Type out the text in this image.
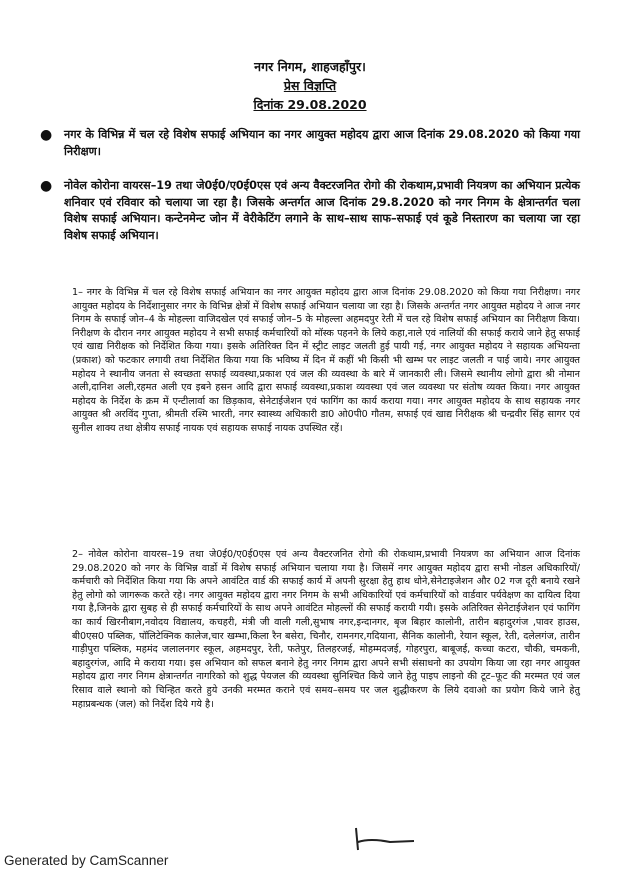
नगर निगम, शाहजहाँपुर।
प्रेस विज्ञप्ति
दिनांक 29.08.2020
● नगर के विभिन्न में चल रहे विशेष सफाई अभियान का नगर आयुक्त महोदय द्वारा आज दिनांक 29.08.2020 को किया गया निरीक्षण।
● नोवेल कोरोना वायरस–19 तथा जे0ई0/ए0ई0एस एवं अन्य वैक्टरजनित रोगो की रोकथाम,प्रभावी नियत्रण का अभियान प्रत्येक शनिवार एवं रविवार को चलाया जा रहा है। जिसके अन्तर्गत आज दिनांक 29.8.2020 को नगर निगम के क्षेत्रान्तर्गत चला विशेष सफाई अभियान। कन्टेनमेन्ट जोन में वेरीकेटिंग लगाने के साथ–साथ साफ–सफाई एवं कूडे निस्तारण का चलाया जा रहा विशेष सफाई अभियान।
1– नगर के विभिन्न में चल रहे विशेष सफाई अभियान का नगर आयुक्त महोदय द्वारा आज दिनांक 29.08.2020 को किया गया निरीक्षण। नगर आयुक्त महोदय के निर्देशानुसार नगर के विभिन्न क्षेत्रों में विशेष सफाई अभियान चलाया जा रहा है। जिसके अन्तर्गत नगर आयुक्त महोदय ने आज नगर निगम के सफाई जोन–4 के मोहल्ला वाजिदखेल एवं सफाई जोन–5 के मोहल्ला अहमदपुर रेती में चल रहे विशेष सफाई अभियान का निरीक्षण किया। निरीक्षण के दौरान नगर आयुक्त महोदय ने सभी सफाई कर्मचारियों को मॉस्क पहनने के लिये कहा,नाले एवं नालियों की सफाई कराये जाने हेतु सफाई एवं खाद्य निरीक्षक को निर्देशित किया गया। इसके अतिरिक्त दिन में स्ट्रीट लाइट जलती हुई पायी गई, नगर आयुक्त महोदय ने सहायक अभियन्ता (प्रकाश) को फटकार लगायी तथा निर्देशित किया गया कि भविष्य में दिन में कहीं भी किसी भी खम्भ पर लाइट जलती न पाई जाये। नगर आयुक्त महोदय ने स्थानीय जनता से स्वच्छता सफाई व्यवस्था,प्रकाश एवं जल की व्यवस्था के बारे में जानकारी ली। जिसमे स्थानीय लोगो द्वारा श्री नोमान अली,दानिश अली,रहमत अली एव इबने हसन आदि द्वारा सफाई व्यवस्था,प्रकाश व्यवस्था एवं जल व्यवस्था पर संतोष व्यक्त किया। नगर आयुक्त महोदय के निर्देश के क्रम में एन्टीलार्वा का छिड़काव, सेनेटाईजेशन एवं फागिंग का कार्य कराया गया। नगर आयुक्त महोदय के साथ सहायक नगर आयुक्त श्री अरविंद गुप्ता, श्रीमती रश्मि भारती, नगर स्वास्थ्य अधिकारी डा0 ओ0पी0 गौतम, सफाई एवं खाद्य निरीक्षक श्री चन्द्रवीर सिंह सागर एवं सुनील शाक्य तथा क्षेत्रीय सफाई नायक एवं सहायक सफाई नायक उपस्थित रहें।
2– नोवेल कोरोना वायरस–19 तथा जे0ई0/ए0ई0एस एवं अन्य वैक्टरजनित रोगो की रोकथाम,प्रभावी नियत्रण का अभियान आज दिनांक 29.08.2020 को नगर के विभिन्न वार्डो में विशेष सफाई अभियान चलाया गया है। जिसमें नगर आयुक्त महोदय द्वारा सभी नोडल अधिकारियों/कर्मचारी को निर्देशित किया गया कि अपने आवंटित वार्ड की सफाई कार्य में अपनी सुरक्षा हेतु हाथ धोने,सेनेटाइजेशन और 02 गज दूरी बनाये रखने हेतु लोगो को जागरूक करते रहे। नगर आयुक्त महोदय द्वारा नगर निगम के सभी अधिकारियों एवं कर्मचारियों को वार्डवार पर्यवेक्षण का दायित्व दिया गया है,जिनके द्वारा सुबह से ही सफाई कर्मचारियों के साथ अपने आवंटित मोहल्लों की सफाई करायी गयी। इसके अतिरिक्त सेनेटाईजेशन एवं फागिंग का कार्य खिरनीबाग,नवोदय विद्यालय, कचहरी, मंत्री जी वाली गली,सुभाष नगर,इन्दानगर, बृज बिहार कालोनी, तारीन बहादुरगंज ,पावर हाउस, बी0एस0 पब्लिक, पॉलिटेक्निक कालेज,चार खम्भा,किला रैन बसेरा, चिनौर, रामनगर,गदियाना, सैनिक कालोनी, रेयान स्कूल, रेती, दलेलगंज, तारीन गाड़ीपुरा पब्लिक, महमंद जलालनगर स्कूल, अहमदपुर, रेती, फतेपुर, तिलहरजई, मोहम्मदजई, गोहरपुरा, बाबूजई, कच्चा कटरा, चौकी, चमकनी, बहादुरगंज, आदि मे कराया गया। इस अभियान को सफल बनाने हेतु नगर निगम द्वारा अपने सभी संसाधनो का उपयोग किया जा रहा नगर आयुक्त महोदय द्वारा नगर निगम क्षेत्रान्तर्गत नागरिको को शुद्ध पेयजल की व्यवस्था सुनिश्चित किये जाने हेतु पाइप लाइनो की टूट–फूट की मरम्मत एवं जल रिसाव वाले स्थानो को चिन्हित करते हुये उनकी मरम्मत कराने एवं समय–समय पर जल शुद्धीकरण के लिये दवाओ का प्रयोग किये जाने हेतु महाप्रबन्धक (जल) को निर्देश दिये गये है।
Generated by CamScanner
